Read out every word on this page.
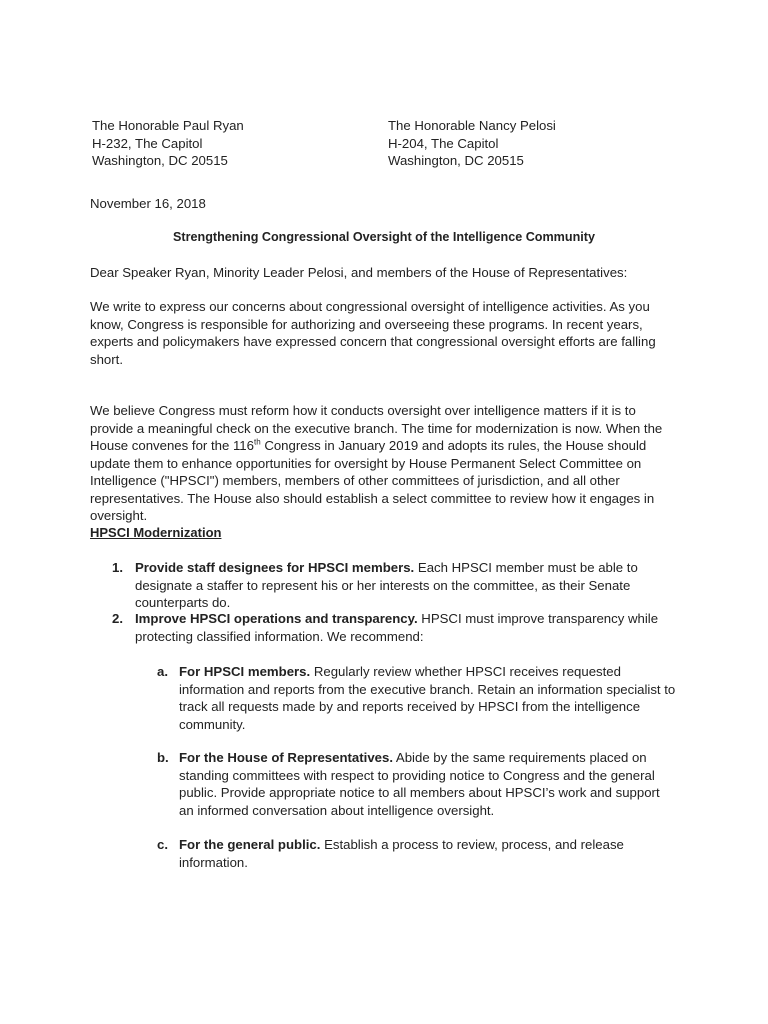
The Honorable Paul Ryan
H-232, The Capitol
Washington, DC 20515
The Honorable Nancy Pelosi
H-204, The Capitol
Washington, DC 20515
November 16, 2018
Strengthening Congressional Oversight of the Intelligence Community
Dear Speaker Ryan, Minority Leader Pelosi, and members of the House of Representatives:
We write to express our concerns about congressional oversight of intelligence activities. As you know, Congress is responsible for authorizing and overseeing these programs. In recent years, experts and policymakers have expressed concern that congressional oversight efforts are falling short.
We believe Congress must reform how it conducts oversight over intelligence matters if it is to provide a meaningful check on the executive branch. The time for modernization is now. When the House convenes for the 116th Congress in January 2019 and adopts its rules, the House should update them to enhance opportunities for oversight by House Permanent Select Committee on Intelligence ("HPSCI") members, members of other committees of jurisdiction, and all other representatives. The House also should establish a select committee to review how it engages in oversight.
HPSCI Modernization
1. Provide staff designees for HPSCI members. Each HPSCI member must be able to designate a staffer to represent his or her interests on the committee, as their Senate counterparts do.
2. Improve HPSCI operations and transparency. HPSCI must improve transparency while protecting classified information. We recommend:
a. For HPSCI members. Regularly review whether HPSCI receives requested information and reports from the executive branch. Retain an information specialist to track all requests made by and reports received by HPSCI from the intelligence community.
b. For the House of Representatives. Abide by the same requirements placed on standing committees with respect to providing notice to Congress and the general public. Provide appropriate notice to all members about HPSCI’s work and support an informed conversation about intelligence oversight.
c. For the general public. Establish a process to review, process, and release information.
